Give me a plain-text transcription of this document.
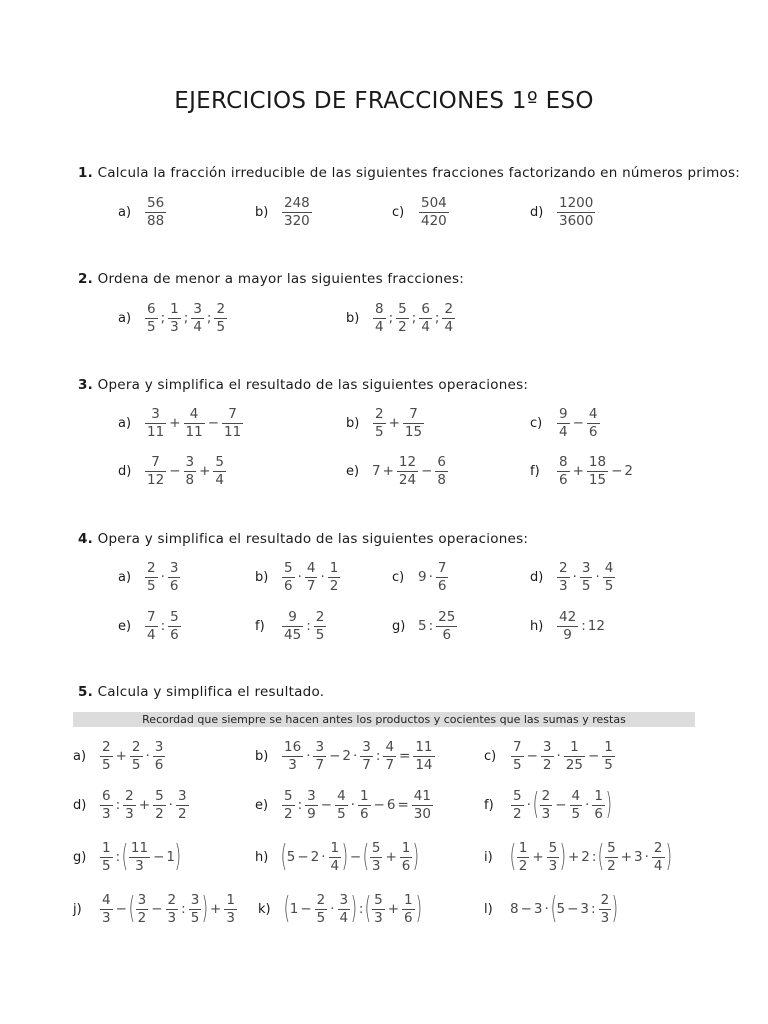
EJERCICIOS DE FRACCIONES 1º ESO
1. Calcula la fracción irreducible de las siguientes fracciones factorizando en números primos:
a)	$\frac{56}{88}$	b)	$\frac{248}{320}$	c)	$\frac{504}{420}$	d)	$\frac{1200}{3600}$
2. Ordena de menor a mayor las siguientes fracciones:
a)	$\frac{6}{5}$ ; $\frac{1}{3}$ ; $\frac{3}{4}$ ; $\frac{2}{5}$	b)	$\frac{8}{4}$ ; $\frac{5}{2}$ ; $\frac{6}{4}$ ; $\frac{2}{4}$
3. Opera y simplifica el resultado de las siguientes operaciones:
a)	$\frac{3}{11} + \frac{4}{11} - \frac{7}{11}$	b)	$\frac{2}{5} + \frac{7}{15}$	c)	$\frac{9}{4} - \frac{4}{6}$
d)	$\frac{7}{12} - \frac{3}{8} + \frac{5}{4}$	e) $7 + \frac{12}{24} - \frac{6}{8}$	f)	$\frac{8}{6} + \frac{18}{15} - 2$
4. Opera y simplifica el resultado de las siguientes operaciones:
a)	$\frac{2}{5} \cdot \frac{3}{6}$	b)	$\frac{5}{6} \cdot \frac{4}{7} \cdot \frac{1}{2}$	c)	$9 \cdot \frac{7}{6}$	d)	$\frac{2}{3} \cdot \frac{3}{5} \cdot \frac{4}{5}$
e)	$\frac{7}{4}$ : $\frac{5}{6}$	f)	$\frac{9}{45}$ : $\frac{2}{5}$	g) 5 : $\frac{25}{6}$	h)	$\frac{42}{9}$ : 12
5. Calcula y simplifica el resultado.
Recordad que siempre se hacen antes los productos y cocientes que las sumas y restas
a)	$\frac{2}{5} + \frac{2}{5} \cdot \frac{3}{6}$	b)	$\frac{16}{3} \cdot \frac{3}{7} - 2 \cdot \frac{3}{7}$ : $\frac{4}{7} = \frac{11}{14}$	c)	$\frac{7}{5} - \frac{3}{2} \cdot \frac{1}{25} - \frac{1}{5}$
d)	$\frac{6}{3}$ : $\frac{2}{3} + \frac{5}{2} \cdot \frac{3}{2}$	e)	$\frac{5}{2}$ : $\frac{3}{9} - \frac{4}{5} \cdot \frac{1}{6} - 6 = \frac{41}{30}$	f)	$\frac{5}{2}$ · ( $\frac{2}{3} - \frac{4}{5} \cdot \frac{1}{6}$ )
g)	$\frac{1}{5}$ : ( $\frac{11}{3} - 1$ )	h) ( $5 - 2 \cdot \frac{1}{4}$ ) − ( $\frac{5}{3} + \frac{1}{6}$ )	i) ( $\frac{1}{2} + \frac{5}{3}$ ) + 2 : ( $\frac{5}{2} + 3 \cdot \frac{2}{4}$ )
j)	$\frac{4}{3}$ − ( $\frac{3}{2} - \frac{2}{3}$ : $\frac{3}{5}$ ) + $\frac{1}{3} k$) ( $1 - \frac{2}{5} \cdot \frac{3}{4}$ ) : ( $\frac{5}{3} + \frac{1}{6}$ )	l)	8 − 3 · ( 5 − 3 : $\frac{2}{3}$ )
